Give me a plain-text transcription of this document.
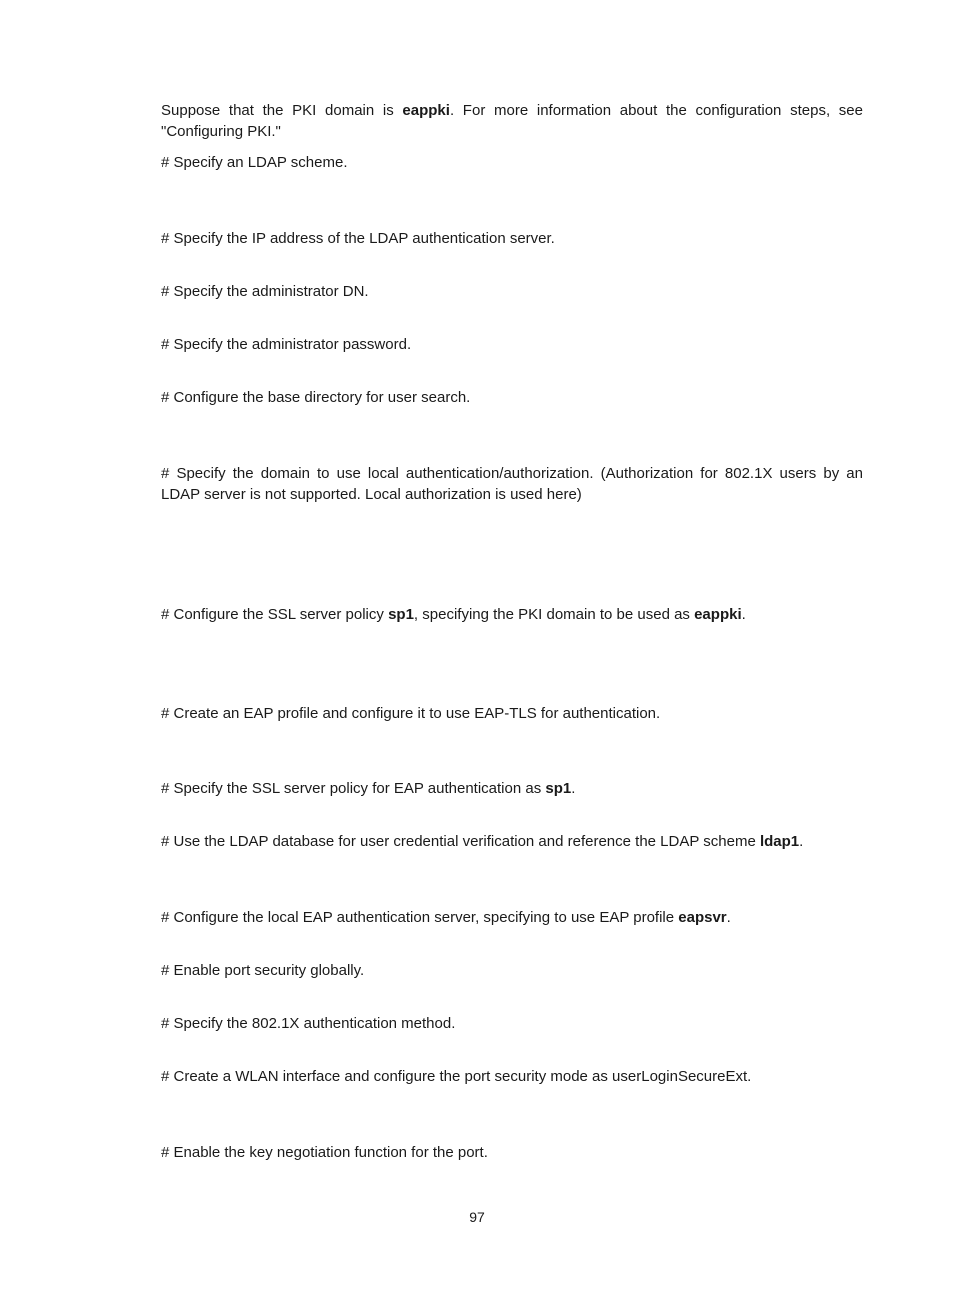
Suppose that the PKI domain is eappki. For more information about the configuration steps, see "Configuring PKI."

# Specify an LDAP scheme.

# Specify the IP address of the LDAP authentication server.

# Specify the administrator DN.

# Specify the administrator password.

# Configure the base directory for user search.

# Specify the domain to use local authentication/authorization. (Authorization for 802.1X users by an LDAP server is not supported. Local authorization is used here)

# Configure the SSL server policy sp1, specifying the PKI domain to be used as eappki.

# Create an EAP profile and configure it to use EAP-TLS for authentication.

# Specify the SSL server policy for EAP authentication as sp1.

# Use the LDAP database for user credential verification and reference the LDAP scheme ldap1.

# Configure the local EAP authentication server, specifying to use EAP profile eapsvr.

# Enable port security globally.

# Specify the 802.1X authentication method.

# Create a WLAN interface and configure the port security mode as userLoginSecureExt.

# Enable the key negotiation function for the port.

97
